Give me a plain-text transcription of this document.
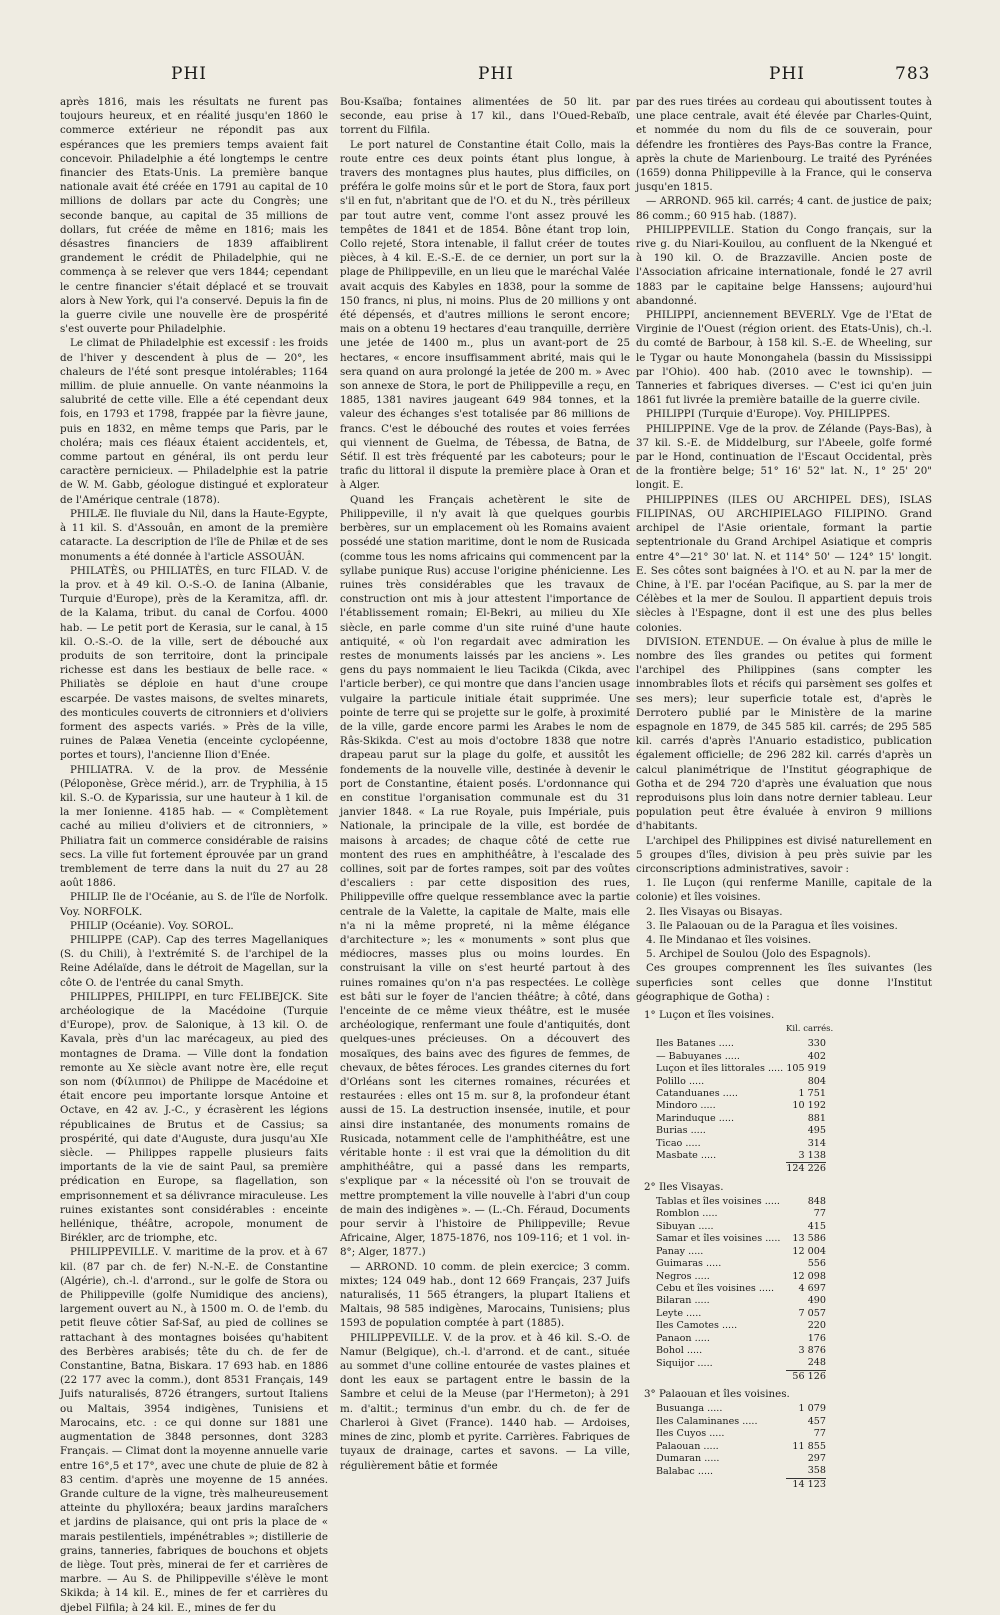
PHI	PHI	PHI	783

après 1816, mais les résultats ne furent pas toujours heureux, et en réalité jusqu'en 1860 le commerce extérieur ne répondit pas aux espérances que les premiers temps avaient fait concevoir. Philadelphie a été longtemps le centre financier des Etats-Unis. La première banque nationale avait été créée en 1791 au capital de 10 millions de dollars par acte du Congrès; une seconde banque, au capital de 35 millions de dollars, fut créée de même en 1816; mais les désastres financiers de 1839 affaiblirent grandement le crédit de Philadelphie, qui ne commença à se relever que vers 1844; cependant le centre financier s'était déplacé et se trouvait alors à New York, qui l'a conservé. Depuis la fin de la guerre civile une nouvelle ère de prospérité s'est ouverte pour Philadelphie.

Le climat de Philadelphie est excessif : les froids de l'hiver y descendent à plus de — 20°, les chaleurs de l'été sont presque intolérables; 1164 millim. de pluie annuelle. On vante néanmoins la salubrité de cette ville. Elle a été cependant deux fois, en 1793 et 1798, frappée par la fièvre jaune, puis en 1832, en même temps que Paris, par le choléra; mais ces fléaux étaient accidentels, et, comme partout en général, ils ont perdu leur caractère pernicieux. — Philadelphie est la patrie de W. M. Gabb, géologue distingué et explorateur de l'Amérique centrale (1878).

PHILÆ. Ile fluviale du Nil, dans la Haute-Egypte, à 11 kil. S. d'Assouân, en amont de la première cataracte. La description de l'île de Philæ et de ses monuments a été donnée à l'article ASSOUÂN.

PHILATÈS, ou PHILIATÈS, en turc FILAD. V. de la prov. et à 49 kil. O.-S.-O. de Ianina (Albanie, Turquie d'Europe), près de la Keramitza, affl. dr. de la Kalama, tribut. du canal de Corfou. 4000 hab. — Le petit port de Kerasia, sur le canal, à 15 kil. O.-S.-O. de la ville, sert de débouché aux produits de son territoire, dont la principale richesse est dans les bestiaux de belle race. « Philiatès se déploie en haut d'une croupe escarpée. De vastes maisons, de sveltes minarets, des monticules couverts de citronniers et d'oliviers forment des aspects variés. » Près de la ville, ruines de Palæa Venetia (enceinte cyclopéenne, portes et tours), l'ancienne Ilion d'Enée.

PHILIATRA. V. de la prov. de Messénie (Péloponèse, Grèce mérid.), arr. de Tryphilia, à 15 kil. S.-O. de Kyparissia, sur une hauteur à 1 kil. de la mer Ionienne. 4185 hab. — « Complètement caché au milieu d'oliviers et de citronniers, » Philiatra fait un commerce considérable de raisins secs. La ville fut fortement éprouvée par un grand tremblement de terre dans la nuit du 27 au 28 août 1886.

PHILIP. Ile de l'Océanie, au S. de l'île de Norfolk. Voy. NORFOLK.

PHILIP (Océanie). Voy. SOROL.

PHILIPPE (CAP). Cap des terres Magellaniques (S. du Chili), à l'extrémité S. de l'archipel de la Reine Adélaïde, dans le détroit de Magellan, sur la côte O. de l'entrée du canal Smyth.

PHILIPPES, PHILIPPI, en turc FELIBEJCK. Site archéologique de la Macédoine (Turquie d'Europe), prov. de Salonique, à 13 kil. O. de Kavala, près d'un lac marécageux, au pied des montagnes de Drama. — Ville dont la fondation remonte au Xe siècle avant notre ère, elle reçut son nom (Φίλιπποι) de Philippe de Macédoine et était encore peu importante lorsque Antoine et Octave, en 42 av. J.-C., y écrasèrent les légions républicaines de Brutus et de Cassius; sa prospérité, qui date d'Auguste, dura jusqu'au XIe siècle. — Philippes rappelle plusieurs faits importants de la vie de saint Paul, sa première prédication en Europe, sa flagellation, son emprisonnement et sa délivrance miraculeuse. Les ruines existantes sont considérables : enceinte hellénique, théâtre, acropole, monument de Birékler, arc de triomphe, etc.

PHILIPPEVILLE. V. maritime de la prov. et à 67 kil. (87 par ch. de fer) N.-N.-E. de Constantine (Algérie), ch.-l. d'arrond., sur le golfe de Stora ou de Philippeville (golfe Numidique des anciens), largement ouvert au N., à 1500 m. O. de l'emb. du petit fleuve côtier Saf-Saf, au pied de collines se rattachant à des montagnes boisées qu'habitent des Berbères arabisés; tête du ch. de fer de Constantine, Batna, Biskara. 17 693 hab. en 1886 (22 177 avec la comm.), dont 8531 Français, 149 Juifs naturalisés, 8726 étrangers, surtout Italiens ou Maltais, 3954 indigènes, Tunisiens et Marocains, etc. : ce qui donne sur 1881 une augmentation de 3848 personnes, dont 3283 Français. — Climat dont la moyenne annuelle varie entre 16°,5 et 17°, avec une chute de pluie de 82 à 83 centim. d'après une moyenne de 15 années. Grande culture de la vigne, très malheureusement atteinte du phylloxéra; beaux jardins maraîchers et jardins de plaisance, qui ont pris la place de « marais pestilentiels, impénétrables »; distillerie de grains, tanneries, fabriques de bouchons et objets de liège. Tout près, minerai de fer et carrières de marbre. — Au S. de Philippeville s'élève le mont Skikda; à 14 kil. E., mines de fer et carrières du djebel Filfila; à 24 kil. E., mines de fer du

Bou-Ksaïba; fontaines alimentées de 50 lit. par seconde, eau prise à 17 kil., dans l'Oued-Rebaïb, torrent du Filfila.

Le port naturel de Constantine était Collo, mais la route entre ces deux points étant plus longue, à travers des montagnes plus hautes, plus difficiles, on préféra le golfe moins sûr et le port de Stora, faux port s'il en fut, n'abritant que de l'O. et du N., très périlleux par tout autre vent, comme l'ont assez prouvé les tempêtes de 1841 et de 1854. Bône étant trop loin, Collo rejeté, Stora intenable, il fallut créer de toutes pièces, à 4 kil. E.-S.-E. de ce dernier, un port sur la plage de Philippeville, en un lieu que le maréchal Valée avait acquis des Kabyles en 1838, pour la somme de 150 francs, ni plus, ni moins. Plus de 20 millions y ont été dépensés, et d'autres millions le seront encore; mais on a obtenu 19 hectares d'eau tranquille, derrière une jetée de 1400 m., plus un avant-port de 25 hectares, « encore insuffisamment abrité, mais qui le sera quand on aura prolongé la jetée de 200 m. » Avec son annexe de Stora, le port de Philippeville a reçu, en 1885, 1381 navires jaugeant 649 984 tonnes, et la valeur des échanges s'est totalisée par 86 millions de francs. C'est le débouché des routes et voies ferrées qui viennent de Guelma, de Tébessa, de Batna, de Sétif. Il est très fréquenté par les caboteurs; pour le trafic du littoral il dispute la première place à Oran et à Alger.

Quand les Français achetèrent le site de Philippeville, il n'y avait là que quelques gourbis berbères, sur un emplacement où les Romains avaient possédé une station maritime, dont le nom de Rusicada (comme tous les noms africains qui commencent par la syllabe punique Rus) accuse l'origine phénicienne. Les ruines très considérables que les travaux de construction ont mis à jour attestent l'importance de l'établissement romain; El-Bekri, au milieu du XIe siècle, en parle comme d'un site ruiné d'une haute antiquité, « où l'on regardait avec admiration les restes de monuments laissés par les anciens ». Les gens du pays nommaient le lieu Tacikda (Cikda, avec l'article berber), ce qui montre que dans l'ancien usage vulgaire la particule initiale était supprimée. Une pointe de terre qui se projette sur le golfe, à proximité de la ville, garde encore parmi les Arabes le nom de Râs-Skikda. C'est au mois d'octobre 1838 que notre drapeau parut sur la plage du golfe, et aussitôt les fondements de la nouvelle ville, destinée à devenir le port de Constantine, étaient posés. L'ordonnance qui en constitue l'organisation communale est du 31 janvier 1848. « La rue Royale, puis Impériale, puis Nationale, la principale de la ville, est bordée de maisons à arcades; de chaque côté de cette rue montent des rues en amphithéâtre, à l'escalade des collines, soit par de fortes rampes, soit par des voûtes d'escaliers : par cette disposition des rues, Philippeville offre quelque ressemblance avec la partie centrale de la Valette, la capitale de Malte, mais elle n'a ni la même propreté, ni la même élégance d'architecture »; les « monuments » sont plus que médiocres, masses plus ou moins lourdes. En construisant la ville on s'est heurté partout à des ruines romaines qu'on n'a pas respectées. Le collège est bâti sur le foyer de l'ancien théâtre; à côté, dans l'enceinte de ce même vieux théâtre, est le musée archéologique, renfermant une foule d'antiquités, dont quelques-unes précieuses. On a découvert des mosaïques, des bains avec des figures de femmes, de chevaux, de bêtes féroces. Les grandes citernes du fort d'Orléans sont les citernes romaines, récurées et restaurées : elles ont 15 m. sur 8, la profondeur étant aussi de 15. La destruction insensée, inutile, et pour ainsi dire instantanée, des monuments romains de Rusicada, notamment celle de l'amphithéâtre, est une véritable honte : il est vrai que la démolition du dit amphithéâtre, qui a passé dans les remparts, s'explique par « la nécessité où l'on se trouvait de mettre promptement la ville nouvelle à l'abri d'un coup de main des indigènes ». — (L.-Ch. Féraud, Documents pour servir à l'histoire de Philippeville; Revue Africaine, Alger, 1875-1876, nos 109-116; et 1 vol. in-8°; Alger, 1877.)

— ARROND. 10 comm. de plein exercice; 3 comm. mixtes; 124 049 hab., dont 12 669 Français, 237 Juifs naturalisés, 11 565 étrangers, la plupart Italiens et Maltais, 98 585 indigènes, Marocains, Tunisiens; plus 1593 de population comptée à part (1885).

PHILIPPEVILLE. V. de la prov. et à 46 kil. S.-O. de Namur (Belgique), ch.-l. d'arrond. et de cant., située au sommet d'une colline entourée de vastes plaines et dont les eaux se partagent entre le bassin de la Sambre et celui de la Meuse (par l'Hermeton); à 291 m. d'altit.; terminus d'un embr. du ch. de fer de Charleroi à Givet (France). 1440 hab. — Ardoises, mines de zinc, plomb et pyrite. Carrières. Fabriques de tuyaux de drainage, cartes et savons. — La ville, régulièrement bâtie et formée

par des rues tirées au cordeau qui aboutissent toutes à une place centrale, avait été élevée par Charles-Quint, et nommée du nom du fils de ce souverain, pour défendre les frontières des Pays-Bas contre la France, après la chute de Marienbourg. Le traité des Pyrénées (1659) donna Philippeville à la France, qui le conserva jusqu'en 1815.

— ARROND. 965 kil. carrés; 4 cant. de justice de paix; 86 comm.; 60 915 hab. (1887).

PHILIPPEVILLE. Station du Congo français, sur la rive g. du Niari-Kouilou, au confluent de la Nkengué et à 190 kil. O. de Brazzaville. Ancien poste de l'Association africaine internationale, fondé le 27 avril 1883 par le capitaine belge Hanssens; aujourd'hui abandonné.

PHILIPPI, anciennement BEVERLY. Vge de l'Etat de Virginie de l'Ouest (région orient. des Etats-Unis), ch.-l. du comté de Barbour, à 158 kil. S.-E. de Wheeling, sur le Tygar ou haute Monongahela (bassin du Mississippi par l'Ohio). 400 hab. (2010 avec le township). — Tanneries et fabriques diverses. — C'est ici qu'en juin 1861 fut livrée la première bataille de la guerre civile.

PHILIPPI (Turquie d'Europe). Voy. PHILIPPES.

PHILIPPINE. Vge de la prov. de Zélande (Pays-Bas), à 37 kil. S.-E. de Middelburg, sur l'Abeele, golfe formé par le Hond, continuation de l'Escaut Occidental, près de la frontière belge; 51° 16' 52" lat. N., 1° 25' 20" longit. E.

PHILIPPINES (ILES OU ARCHIPEL DES), ISLAS FILIPINAS, OU ARCHIPIELAGO FILIPINO. Grand archipel de l'Asie orientale, formant la partie septentrionale du Grand Archipel Asiatique et compris entre 4°—21° 30' lat. N. et 114° 50' — 124° 15' longit. E. Ses côtes sont baignées à l'O. et au N. par la mer de Chine, à l'E. par l'océan Pacifique, au S. par la mer de Célèbes et la mer de Soulou. Il appartient depuis trois siècles à l'Espagne, dont il est une des plus belles colonies.

DIVISION. ETENDUE. — On évalue à plus de mille le nombre des îles grandes ou petites qui forment l'archipel des Philippines (sans compter les innombrables îlots et récifs qui parsèment ses golfes et ses mers); leur superficie totale est, d'après le Derrotero publié par le Ministère de la marine espagnole en 1879, de 345 585 kil. carrés; de 295 585 kil. carrés d'après l'Anuario estadistico, publication également officielle; de 296 282 kil. carrés d'après un calcul planimétrique de l'Institut géographique de Gotha et de 294 720 d'après une évaluation que nous reproduisons plus loin dans notre dernier tableau. Leur population peut être évaluée à environ 9 millions d'habitants.

L'archipel des Philippines est divisé naturellement en 5 groupes d'îles, division à peu près suivie par les circonscriptions administratives, savoir :

1. Ile Luçon (qui renferme Manille, capitale de la colonie) et îles voisines.

2. Iles Visayas ou Bisayas.

3. Ile Palaouan ou de la Paragua et îles voisines.

4. Ile Mindanao et îles voisines.

5. Archipel de Soulou (Jolo des Espagnols).

Ces groupes comprennent les îles suivantes (les superficies sont celles que donne l'Institut géographique de Gotha) :

1° Luçon et îles voisines.
Kil. carrés.
Iles Batanes .....	330
— Babuyanes .....	402
Luçon et îles littorales .....	105 919
Polillo .....	804
Catanduanes .....	1 751
Mindoro .....	10 192
Marinduque .....	881
Burias .....	495
Ticao .....	314
Masbate .....	3 138
	124 226
2° Iles Visayas.
Tablas et îles voisines .....	848
Romblon .....	77
Sibuyan .....	415
Samar et îles voisines .....	13 586
Panay .....	12 004
Guimaras .....	556
Negros .....	12 098
Cebu et îles voisines .....	4 697
Bilaran .....	490
Leyte .....	7 057
Iles Camotes .....	220
Panaon .....	176
Bohol .....	3 876
Siquijor .....	248
	56 126
3° Palaouan et îles voisines.
Busuanga .....	1 079
Iles Calaminanes .....	457
Iles Cuyos .....	77
Palaouan .....	11 855
Dumaran .....	297
Balabac .....	358
	14 123
